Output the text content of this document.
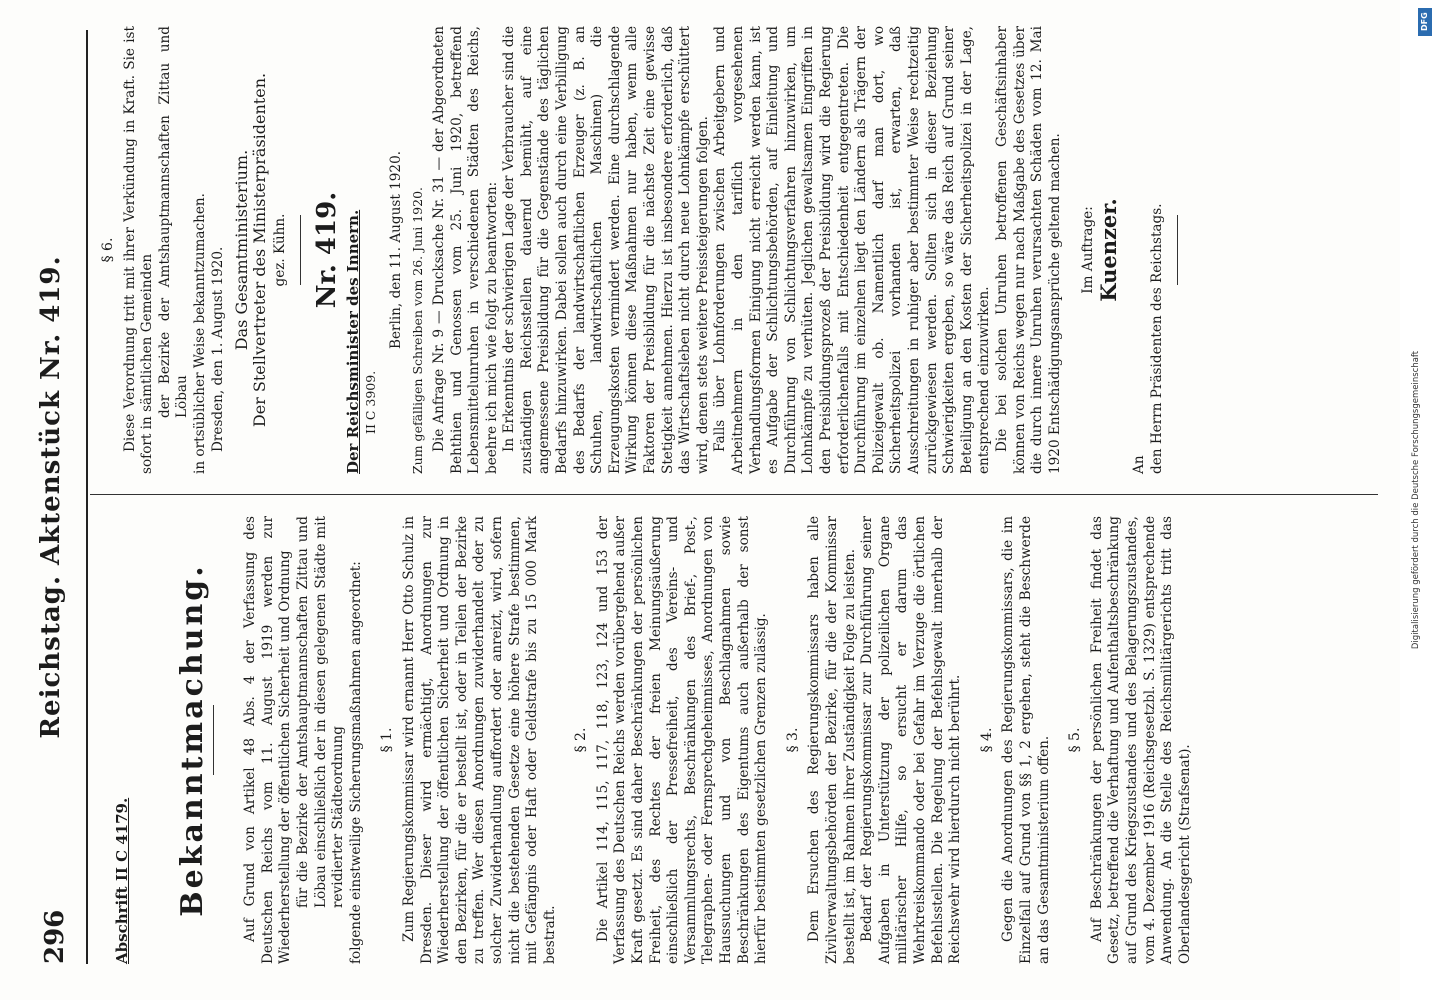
296
Reichstag. Aktenstück Nr. 419.

Abschrift II C 4179. Bekanntmachung. Auf Grund von Artikel 48 Abs. 4 der Verfassung des Deutschen Reichs vom 11. August 1919 werden zur Wiederherstellung der öffentlichen Sicherheit und Ordnung für die Bezirke der Amtshauptmannschaften Zittau und Löbau einschließlich der in diesen gelegenen Städte mit revidierter Städteordnung folgende einstweilige Sicherungsmaßnahmen angeordnet: § 1. Zum Regierungskommissar wird ernannt Herr Otto Schulz in Dresden. Dieser wird ermächtigt, Anordnungen zur Wiederherstellung der öffentlichen Sicherheit und Ordnung in den Bezirken, für die er bestellt ist, oder in Teilen der Bezirke zu treffen. Wer diesen Anordnungen zuwiderhandelt oder zu solcher Zuwiderhandlung auffordert oder anreizt, wird, sofern nicht die bestehenden Gesetze eine höhere Strafe bestimmen, mit Gefängnis oder Haft oder Geldstrafe bis zu 15 000 Mark bestraft.

§ 2. Die Artikel 114, 115, 117, 118, 123, 124 und 153 der Verfassung des Deutschen Reichs werden vorübergehend außer Kraft gesetzt. Es sind daher Beschränkungen der persönlichen Freiheit, des Rechtes der freien Meinungsäußerung einschließlich der Pressefreiheit, des Vereins- und Versammlungsrechts, Beschränkungen des Brief-, Post-, Telegraphen- oder Fernsprechgeheimnisses, Anordnungen von Haussuchungen und von Beschlagnahmen sowie Beschränkungen des Eigentums auch außerhalb der sonst hierfür bestimmten gesetzlichen Grenzen zulässig. § 3. Dem Ersuchen des Regierungskommissars haben alle Zivilverwaltungsbehörden der Bezirke, für die der Kommissar bestellt ist, im Rahmen ihrer Zuständigkeit Folge zu leisten. Bedarf der Regierungskommissar zur Durchführung seiner Aufgaben in Unterstützung der polizeilichen Organe militärischer Hilfe, so ersucht er darum das Wehrkreiskommando oder bei Gefahr im Verzuge die örtlichen Befehlsstellen. Die Regelung der Befehlsgewalt innerhalb der Reichswehr wird hierdurch nicht berührt. § 4. Gegen die Anordnungen des Regierungskommissars, die im Einzelfall auf Grund von §§ 1, 2 ergehen, steht die Beschwerde an das Gesamtministerium offen. § 5. Auf Beschränkungen der persönlichen Freiheit findet das Gesetz, betreffend die Verhaftung und Aufenthaltsbeschränkung auf Grund des Kriegszustandes und des Belagerungszustandes, vom 4. Dezember 1916 (Reichsgesetzbl. S. 1329) entsprechende Anwendung. An die Stelle des Reichsmilitärgerichts tritt das Oberlandesgericht (Strafsenat).

§ 6. Diese Verordnung tritt mit ihrer Verkündung in Kraft. Sie ist sofort in sämtlichen Gemeinden der Bezirke der Amtshauptmannschaften Zittau und Löbau in ortsüblicher Weise bekanntzumachen. Dresden, den 1. August 1920. Das Gesamtministerium.

Der Stellvertreter des Ministerpräsidenten. gez. Kühn. Nr. 419. Der Reichsminister des Innern. II C 3909.

Berlin, den 11. August 1920. Zum gefälligen Schreiben vom 26. Juni 1920. Die Anfrage Nr. 9 — Drucksache Nr. 31 — der Abgeordneten Behthien und Genossen vom 25. Juni 1920, betreffend Lebensmittelunruhen in verschiedenen Städten des Reichs, beehre ich mich wie folgt zu beantworten: In Erkenntnis der schwierigen Lage der Verbraucher sind die zuständigen Reichsstellen dauernd bemüht, auf eine angemessene Preisbildung für die Gegenstände des täglichen Bedarfs hinzuwirken. Dabei sollen auch durch eine Verbilligung des Bedarfs der landwirtschaftlichen Erzeuger (z. B. an Schuhen, landwirtschaftlichen Maschinen) die Erzeugungskosten vermindert werden. Eine durchschlagende Wirkung können diese Maßnahmen nur haben, wenn alle Faktoren der Preisbildung für die nächste Zeit eine gewisse Stetigkeit annehmen. Hierzu ist insbesondere erforderlich, daß das Wirtschaftsleben nicht durch neue Lohnkämpfe erschüttert wird, denen stets weitere Preissteigerungen folgen. Falls über Lohnforderungen zwischen Arbeitgebern und Arbeitnehmern in den tariflich vorgesehenen Verhandlungsformen Einigung nicht erreicht werden kann, ist es Aufgabe der Schlichtungsbehörden, auf Einleitung und Durchführung von Schlichtungsverfahren hinzuwirken, um Lohnkämpfe zu verhüten. Jeglichen gewaltsamen Eingriffen in den Preisbildungsprozeß der Preisbildung wird die Regierung erforderlichenfalls mit Entschiedenheit entgegentreten. Die Durchführung im einzelnen liegt den Ländern als Trägern der Polizeigewalt ob. Namentlich darf man dort, wo Sicherheitspolizei vorhanden ist, erwarten, daß Ausschreitungen in ruhiger aber bestimmter Weise rechtzeitig zurückgewiesen werden. Sollten sich in dieser Beziehung Schwierigkeiten ergeben, so wäre das Reich auf Grund seiner Beteiligung an den Kosten der Sicherheitspolizei in der Lage, entsprechend einzuwirken. Die bei solchen Unruhen betroffenen Geschäftsinhaber können von Reichs wegen nur nach Maßgabe des Gesetzes über die durch innere Unruhen verursachten Schäden vom 12. Mai 1920 Entschädigungsansprüche geltend machen. Im Auftrage: Kuenzer.

An den Herrn Präsidenten des Reichstags.

DFG
Digitalisierung gefördert durch die Deutsche Forschungsgemeinschaft
